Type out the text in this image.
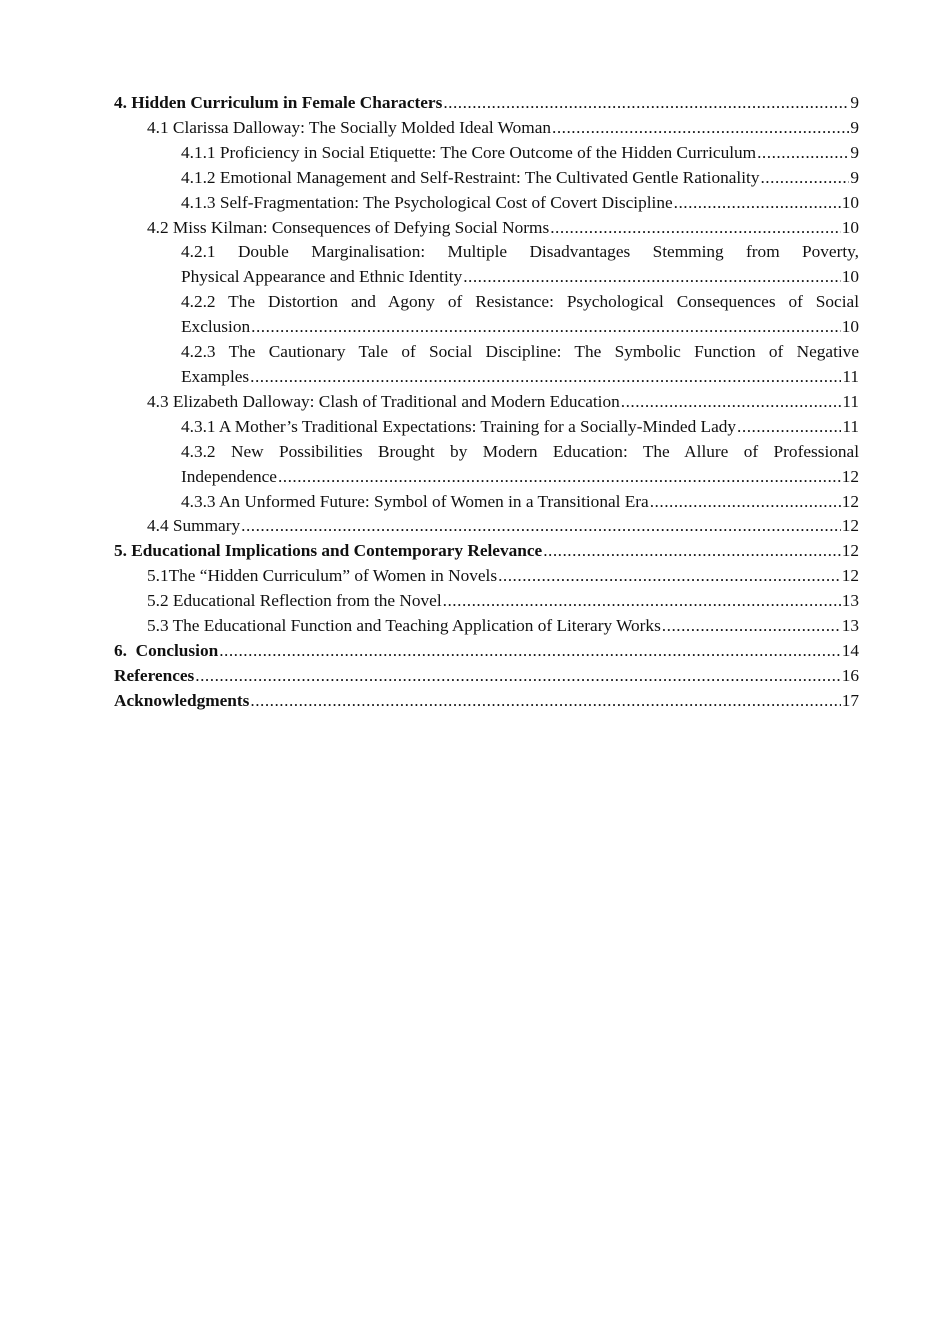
4. Hidden Curriculum in Female Characters .....	9
4.1 Clarissa Dalloway: The Socially Molded Ideal Woman .....	9
4.1.1 Proficiency in Social Etiquette: The Core Outcome of the Hidden Curriculum .....	9
4.1.2 Emotional Management and Self-Restraint: The Cultivated Gentle Rationality .....	9
4.1.3 Self-Fragmentation: The Psychological Cost of Covert Discipline .....	10
4.2 Miss Kilman: Consequences of Defying Social Norms .....	10
4.2.1 Double Marginalisation: Multiple Disadvantages Stemming from Poverty,
Physical Appearance and Ethnic Identity .....	10
4.2.2 The Distortion and Agony of Resistance: Psychological Consequences of Social
Exclusion .....	10
4.2.3 The Cautionary Tale of Social Discipline: The Symbolic Function of Negative
Examples .....	11
4.3 Elizabeth Dalloway: Clash of Traditional and Modern Education .....	11
4.3.1 A Mother’s Traditional Expectations: Training for a Socially-Minded Lady .....	11
4.3.2 New Possibilities Brought by Modern Education: The Allure of Professional
Independence .....	12
4.3.3 An Unformed Future: Symbol of Women in a Transitional Era .....	12
4.4 Summary .....	12
5. Educational Implications and Contemporary Relevance .....	12
5.1The “Hidden Curriculum” of Women in Novels .....	12
5.2 Educational Reflection from the Novel .....	13
5.3 The Educational Function and Teaching Application of Literary Works .....	13
6.  Conclusion .....	14
References .....	16
Acknowledgments .....	17
